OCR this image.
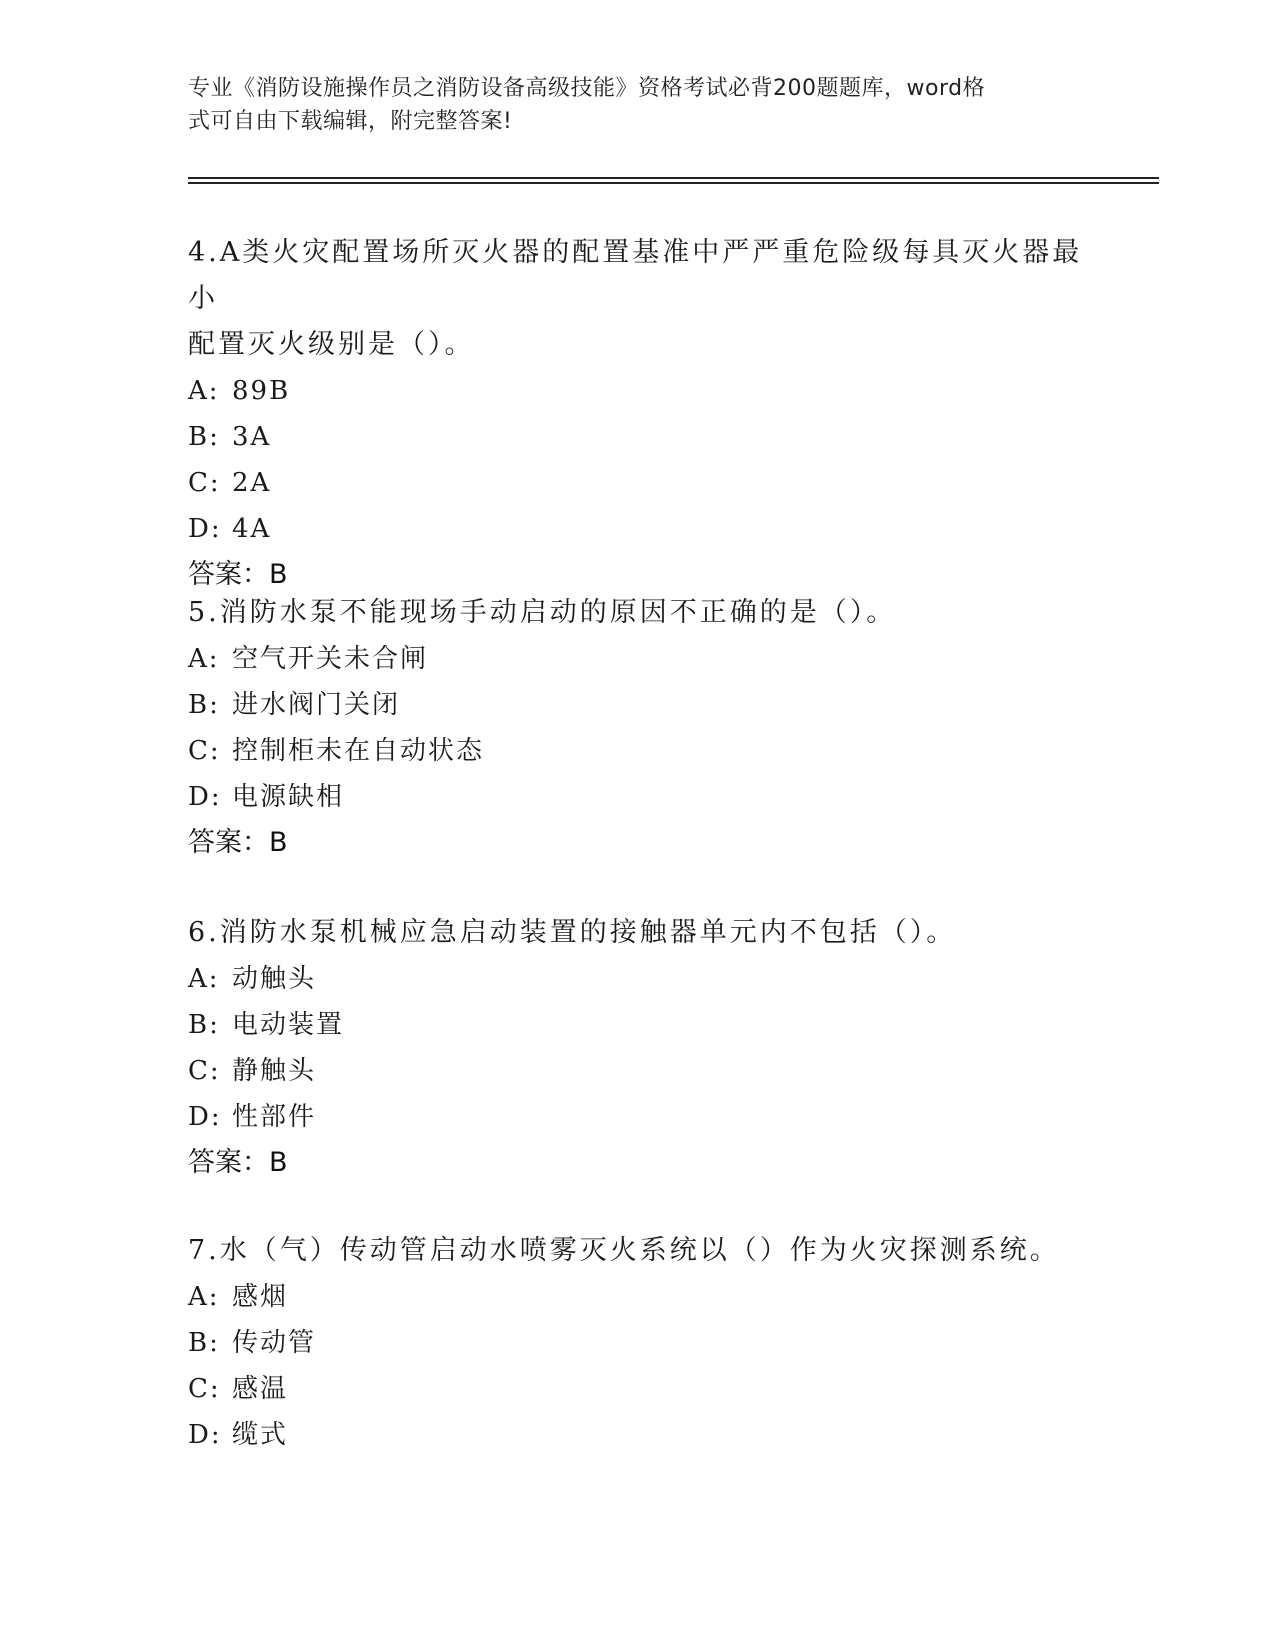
专业《消防设施操作员之消防设备高级技能》资格考试必背200题题库，word格
式可自由下载编辑，附完整答案!

4.A类火灾配置场所灭火器的配置基准中严严重危险级每具灭火器最小
配置灭火级别是（）。

A: 89B
B: 3A
C: 2A
D: 4A
答案：B

5.消防水泵不能现场手动启动的原因不正确的是（）。

A: 空气开关未合闸
B: 进水阀门关闭
C: 控制柜未在自动状态
D: 电源缺相
答案：B

6.消防水泵机械应急启动装置的接触器单元内不包括（）。

A: 动触头
B: 电动装置
C: 静触头
D: 性部件
答案：B

7.水（气）传动管启动水喷雾灭火系统以（）作为火灾探测系统。

A: 感烟
B: 传动管
C: 感温
D: 缆式
